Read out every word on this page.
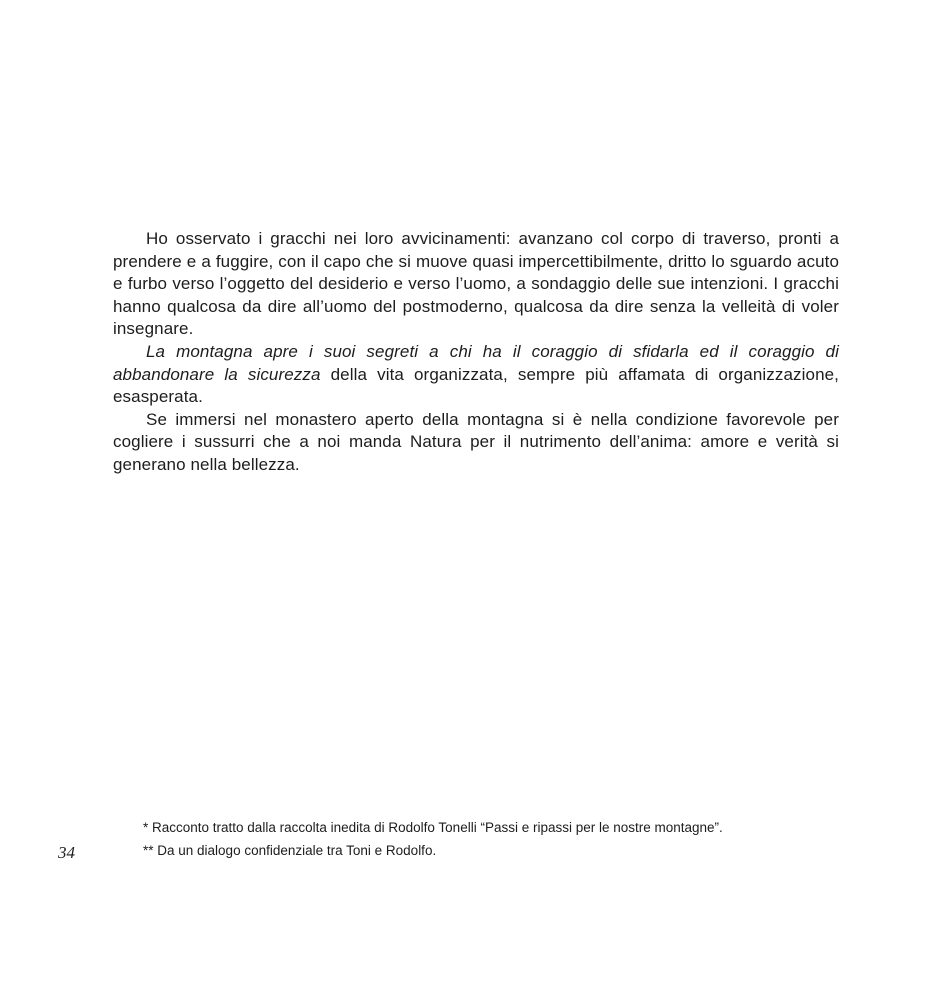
Ho osservato i gracchi nei loro avvicinamenti: avanzano col corpo di traverso, pronti a prendere e a fuggire, con il capo che si muove quasi impercettibilmente, dritto lo sguardo acuto e furbo verso l’oggetto del desiderio e verso l’uomo, a sondaggio delle sue intenzioni. I gracchi hanno qualcosa da dire all’uomo del postmoderno, qualcosa da dire senza la velleità di voler insegnare.

La montagna apre i suoi segreti a chi ha il coraggio di sfidarla ed il coraggio di abbandonare la sicurezza della vita organizzata, sempre più affamata di organizzazione, esasperata.

Se immersi nel monastero aperto della montagna si è nella condizione favorevole per cogliere i sussurri che a noi manda Natura per il nutrimento dell’anima: amore e verità si generano nella bellezza.

* Racconto tratto dalla raccolta inedita di Rodolfo Tonelli “Passi e ripassi per le nostre montagne”.

** Da un dialogo confidenziale tra Toni e Rodolfo.

34
